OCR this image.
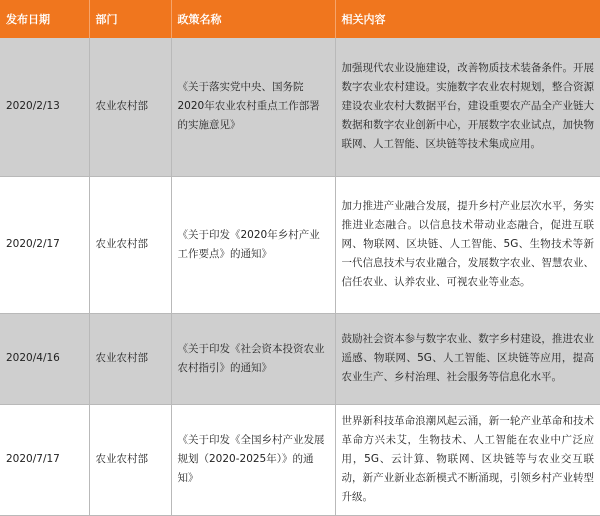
发布日期	部门	政策名称	相关内容
2020/2/13	农业农村部	《关于落实党中央、国务院2020年农业农村重点工作部署的实施意见》	加强现代农业设施建设，改善物质技术装备条件。开展数字农业农村建设。实施数字农业农村规划，整合资源建设农业农村大数据平台，建设重要农产品全产业链大数据和数字农业创新中心，开展数字农业试点，加快物联网、人工智能、区块链等技术集成应用。
2020/2/17	农业农村部	《关于印发《2020年乡村产业工作要点》的通知》	加力推进产业融合发展，提升乡村产业层次水平，务实推进业态融合。以信息技术带动业态融合，促进互联网、物联网、区块链、人工智能、5G、生物技术等新一代信息技术与农业融合，发展数字农业、智慧农业、信任农业、认养农业、可视农业等业态。
2020/4/16	农业农村部	《关于印发《社会资本投资农业农村指引》的通知》	鼓励社会资本参与数字农业、数字乡村建设，推进农业遥感、物联网、5G、人工智能、区块链等应用，提高农业生产、乡村治理、社会服务等信息化水平。
2020/7/17	农业农村部	《关于印发《全国乡村产业发展规划（2020-2025年）》的通知》	世界新科技革命浪潮风起云涌，新一轮产业革命和技术革命方兴未艾，生物技术、人工智能在农业中广泛应用，5G、云计算、物联网、区块链等与农业交互联动，新产业新业态新模式不断涌现，引领乡村产业转型升级。
